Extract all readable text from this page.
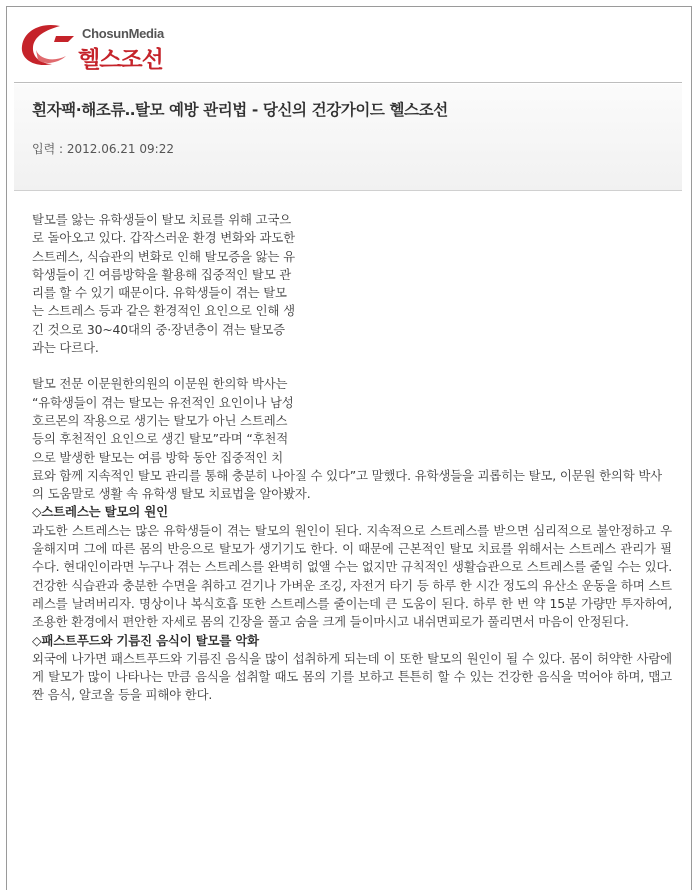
ChosunMedia
헬스조선
흰자팩·해조류‥탈모 예방 관리법 - 당신의 건강가이드 헬스조선
입력 : 2012.06.21 09:22

탈모를 앓는 유학생들이 탈모 치료를 위해 고국으로 돌아오고 있다. 갑작스러운 환경 변화와 과도한 스트레스, 식습관의 변화로 인해 탈모증을 앓는 유학생들이 긴 여름방학을 활용해 집중적인 탈모 관리를 할 수 있기 때문이다. 유학생들이 겪는 탈모는 스트레스 등과 같은 환경적인 요인으로 인해 생긴 것으로 30~40대의 중·장년층이 겪는 탈모증과는 다르다.

탈모 전문 이문원한의원의 이문원 한의학 박사는 “유학생들이 겪는 탈모는 유전적인 요인이나 남성호르몬의 작용으로 생기는 탈모가 아닌 스트레스 등의 후천적인 요인으로 생긴 탈모”라며 “후천적으로 발생한 탈모는 여름 방학 동안 집중적인 치

료와 함께 지속적인 탈모 관리를 통해 충분히 나아질 수 있다”고 말했다. 유학생들을 괴롭히는 탈모, 이문원 한의학 박사의 도움말로 생활 속 유학생 탈모 치료법을 알아봤자.

◇스트레스는 탈모의 원인

과도한 스트레스는 많은 유학생들이 겪는 탈모의 원인이 된다. 지속적으로 스트레스를 받으면 심리적으로 불안정하고 우울해지며 그에 따른 몸의 반응으로 탈모가 생기기도 한다. 이 때문에 근본적인 탈모 치료를 위해서는 스트레스 관리가 필수다. 현대인이라면 누구나 겪는 스트레스를 완벽히 없앨 수는 없지만 규칙적인 생활습관으로 스트레스를 줄일 수는 있다. 건강한 식습관과 충분한 수면을 취하고 걷기나 가벼운 조깅, 자전거 타기 등 하루 한 시간 정도의 유산소 운동을 하며 스트레스를 날려버리자. 명상이나 복식호흡 또한 스트레스를 줄이는데 큰 도움이 된다. 하루 한 번 약 15분 가량만 투자하여, 조용한 환경에서 편안한 자세로 몸의 긴장을 풀고 숨을 크게 들이마시고 내쉬면피로가 풀리면서 마음이 안정된다.

◇패스트푸드와 기름진 음식이 탈모를 악화

외국에 나가면 패스트푸드와 기름진 음식을 많이 섭취하게 되는데 이 또한 탈모의 원인이 될 수 있다. 몸이 허약한 사람에게 탈모가 많이 나타나는 만큼 음식을 섭취할 때도 몸의 기를 보하고 튼튼히 할 수 있는 건강한 음식을 먹어야 하며, 맵고 짠 음식, 알코올 등을 피해야 한다.
